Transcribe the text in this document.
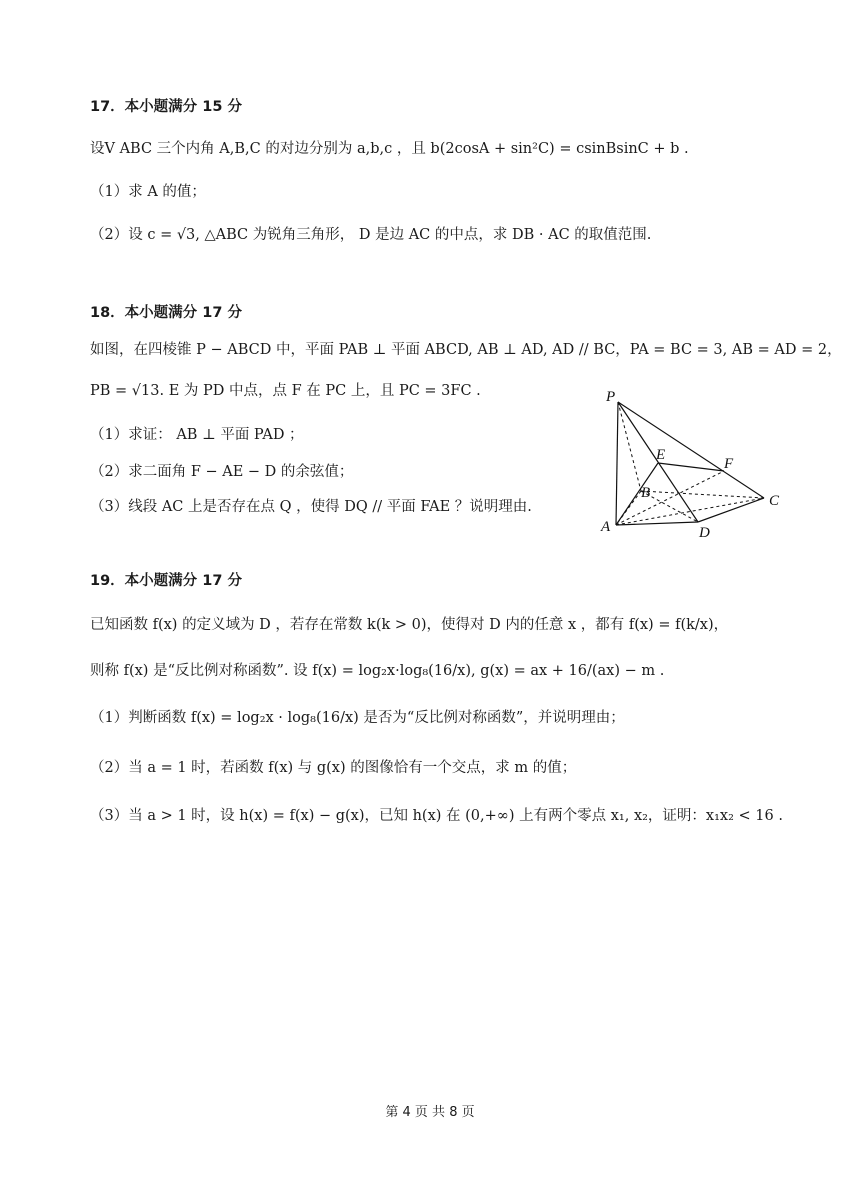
17．本小题满分 15 分
设V ABC 三个内角 A,B,C 的对边分别为 a,b,c ，且 b(2cosA + sin²C) = csinBsinC + b .
（1）求 A 的值；
（2）设 c = √3, △ABC 为锐角三角形， D 是边 AC 的中点，求 DB · AC 的取值范围.
18．本小题满分 17 分
如图，在四棱锥 P − ABCD 中，平面 PAB ⊥ 平面 ABCD, AB ⊥ AD, AD // BC，PA = BC = 3, AB = AD = 2，
PB = √13. E 为 PD 中点，点 F 在 PC 上，且 PC = 3FC .
（1）求证： AB ⊥ 平面 PAD ；
（2）求二面角 F − AE − D 的余弦值；
（3）线段 AC 上是否存在点 Q ，使得 DQ // 平面 FAE ？说明理由.
P
E
F
B	C
A	D
19．本小题满分 17 分
已知函数 f(x) 的定义域为 D ，若存在常数 k(k > 0)，使得对 D 内的任意 x ，都有 f(x) = f(k/x)，
则称 f(x) 是“反比例对称函数”. 设 f(x) = log₂x·log₈(16/x), g(x) = ax + 16/(ax) − m .
（1）判断函数 f(x) = log₂x · log₈(16/x) 是否为“反比例对称函数”，并说明理由；
（2）当 a = 1 时，若函数 f(x) 与 g(x) 的图像恰有一个交点，求 m 的值；
（3）当 a > 1 时，设 h(x) = f(x) − g(x)，已知 h(x) 在 (0,+∞) 上有两个零点 x₁, x₂，证明：x₁x₂ < 16 .
第 4 页 共 8 页
